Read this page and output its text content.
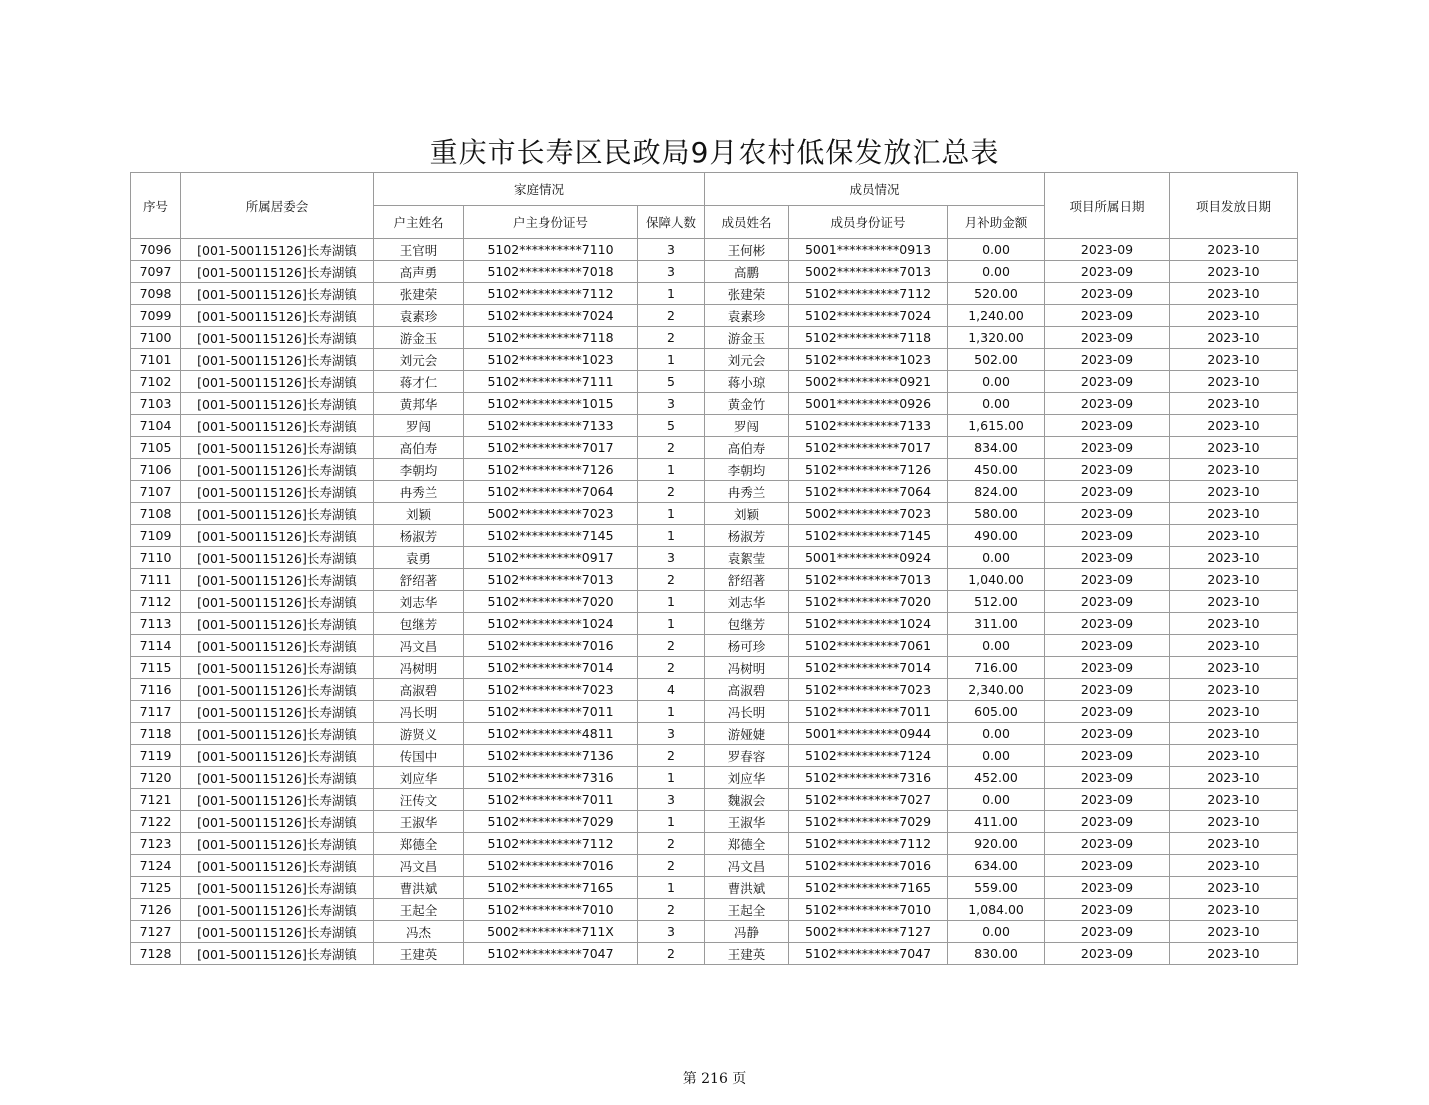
重庆市长寿区民政局9月农村低保发放汇总表
序号	所属居委会	家庭情况			成员情况			项目所属日期	项目发放日期
		户主姓名	户主身份证号	保障人数	成员姓名	成员身份证号	月补助金额		
7096	[001-500115126]长寿湖镇	王官明	5102**********7110	3	王何彬	5001**********0913	0.00	2023-09	2023-10
7097	[001-500115126]长寿湖镇	高声勇	5102**********7018	3	高鹏	5002**********7013	0.00	2023-09	2023-10
7098	[001-500115126]长寿湖镇	张建荣	5102**********7112	1	张建荣	5102**********7112	520.00	2023-09	2023-10
7099	[001-500115126]长寿湖镇	袁素珍	5102**********7024	2	袁素珍	5102**********7024	1,240.00	2023-09	2023-10
7100	[001-500115126]长寿湖镇	游金玉	5102**********7118	2	游金玉	5102**********7118	1,320.00	2023-09	2023-10
7101	[001-500115126]长寿湖镇	刘元会	5102**********1023	1	刘元会	5102**********1023	502.00	2023-09	2023-10
7102	[001-500115126]长寿湖镇	蒋才仁	5102**********7111	5	蒋小琼	5002**********0921	0.00	2023-09	2023-10
7103	[001-500115126]长寿湖镇	黄邦华	5102**********1015	3	黄金竹	5001**********0926	0.00	2023-09	2023-10
7104	[001-500115126]长寿湖镇	罗闯	5102**********7133	5	罗闯	5102**********7133	1,615.00	2023-09	2023-10
7105	[001-500115126]长寿湖镇	高伯寿	5102**********7017	2	高伯寿	5102**********7017	834.00	2023-09	2023-10
7106	[001-500115126]长寿湖镇	李朝均	5102**********7126	1	李朝均	5102**********7126	450.00	2023-09	2023-10
7107	[001-500115126]长寿湖镇	冉秀兰	5102**********7064	2	冉秀兰	5102**********7064	824.00	2023-09	2023-10
7108	[001-500115126]长寿湖镇	刘颖	5002**********7023	1	刘颖	5002**********7023	580.00	2023-09	2023-10
7109	[001-500115126]长寿湖镇	杨淑芳	5102**********7145	1	杨淑芳	5102**********7145	490.00	2023-09	2023-10
7110	[001-500115126]长寿湖镇	袁勇	5102**********0917	3	袁絮莹	5001**********0924	0.00	2023-09	2023-10
7111	[001-500115126]长寿湖镇	舒绍著	5102**********7013	2	舒绍著	5102**********7013	1,040.00	2023-09	2023-10
7112	[001-500115126]长寿湖镇	刘志华	5102**********7020	1	刘志华	5102**********7020	512.00	2023-09	2023-10
7113	[001-500115126]长寿湖镇	包继芳	5102**********1024	1	包继芳	5102**********1024	311.00	2023-09	2023-10
7114	[001-500115126]长寿湖镇	冯文昌	5102**********7016	2	杨可珍	5102**********7061	0.00	2023-09	2023-10
7115	[001-500115126]长寿湖镇	冯树明	5102**********7014	2	冯树明	5102**********7014	716.00	2023-09	2023-10
7116	[001-500115126]长寿湖镇	高淑碧	5102**********7023	4	高淑碧	5102**********7023	2,340.00	2023-09	2023-10
7117	[001-500115126]长寿湖镇	冯长明	5102**********7011	1	冯长明	5102**********7011	605.00	2023-09	2023-10
7118	[001-500115126]长寿湖镇	游贤义	5102**********4811	3	游娅婕	5001**********0944	0.00	2023-09	2023-10
7119	[001-500115126]长寿湖镇	传国中	5102**********7136	2	罗春容	5102**********7124	0.00	2023-09	2023-10
7120	[001-500115126]长寿湖镇	刘应华	5102**********7316	1	刘应华	5102**********7316	452.00	2023-09	2023-10
7121	[001-500115126]长寿湖镇	汪传文	5102**********7011	3	魏淑会	5102**********7027	0.00	2023-09	2023-10
7122	[001-500115126]长寿湖镇	王淑华	5102**********7029	1	王淑华	5102**********7029	411.00	2023-09	2023-10
7123	[001-500115126]长寿湖镇	郑德全	5102**********7112	2	郑德全	5102**********7112	920.00	2023-09	2023-10
7124	[001-500115126]长寿湖镇	冯文昌	5102**********7016	2	冯文昌	5102**********7016	634.00	2023-09	2023-10
7125	[001-500115126]长寿湖镇	曹洪斌	5102**********7165	1	曹洪斌	5102**********7165	559.00	2023-09	2023-10
7126	[001-500115126]长寿湖镇	王起全	5102**********7010	2	王起全	5102**********7010	1,084.00	2023-09	2023-10
7127	[001-500115126]长寿湖镇	冯杰	5002**********711X	3	冯静	5002**********7127	0.00	2023-09	2023-10
7128	[001-500115126]长寿湖镇	王建英	5102**********7047	2	王建英	5102**********7047	830.00	2023-09	2023-10
第 216 页
